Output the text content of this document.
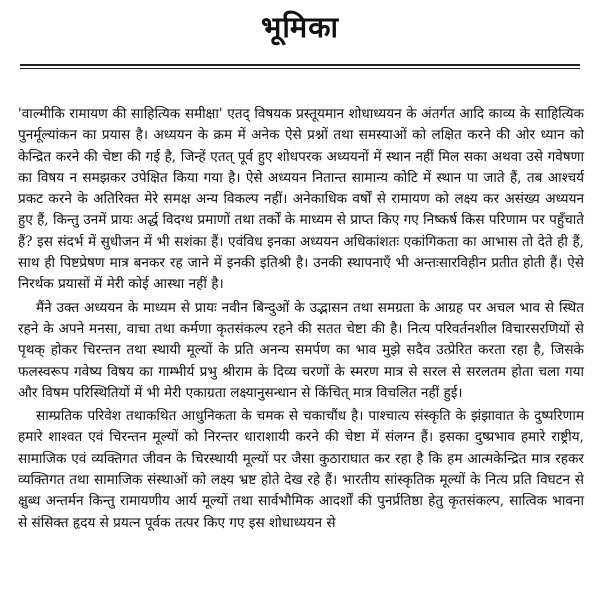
भूमिका

'वाल्मीकि रामायण की साहित्यिक समीक्षा' एतद्‌ विषयक प्रस्तूयमान शोधाध्ययन के अंतर्गत आदि काव्य के साहित्यिक पुनर्मूल्यांकन का प्रयास है। अध्ययन के क्रम में अनेक ऐसे प्रश्नों तथा समस्याओं को लक्षित करने की ओर ध्यान को केन्द्रित करने की चेष्टा की गई है, जिन्हें एतत्‌ पूर्व हुए शोधपरक अध्ययनों में स्थान नहीं मिल सका अथवा उसे गवेषणा का विषय न समझकर उपेक्षित किया गया है। ऐसे अध्ययन नितान्त सामान्य कोटि में स्थान पा जाते हैं, तब आश्चर्य प्रकट करने के अतिरिक्त मेरे समक्ष अन्य विकल्प नहीं। अनेकाधिक वर्षों से रामायण को लक्ष्य कर असंख्य अध्ययन हुए हैं, किन्तु उनमें प्रायः अर्द्ध विदग्ध प्रमाणों तथा तर्कों के माध्यम से प्राप्त किए गए निष्कर्ष किस परिणाम पर पहुँचाते हैं? इस संदर्भ में सुधीजन में भी सशंका हैं। एवंविध इनका अध्ययन अधिकांशतः एकांगिकता का आभास तो देते ही हैं, साथ ही पिष्टप्रेषण मात्र बनकर रह जाने में इनकी इतिश्री है। उनकी स्थापनाएँ भी अन्तःसारविहीन प्रतीत होती हैं। ऐसे निरर्थक प्रयासों में मेरी कोई आस्था नहीं है।

मैंने उक्त अध्ययन के माध्यम से प्रायः नवीन बिन्दुओं के उद्भासन तथा समग्रता के आग्रह पर अचल भाव से स्थित रहने के अपने मनसा, वाचा तथा कर्मणा कृतसंकल्प रहने की सतत चेष्टा की है। नित्य परिवर्तनशील विचारसरणियों से पृथक्‌ होकर चिरन्तन तथा स्थायी मूल्यों के प्रति अनन्य समर्पण का भाव मुझे सदैव उत्प्रेरित करता रहा है, जिसके फलस्वरूप गवेष्य विषय का गाम्भीर्य प्रभु श्रीराम के दिव्य चरणों के स्मरण मात्र से सरल से सरलतम होता चला गया और विषम परिस्थितियों में भी मेरी एकाग्रता लक्ष्यानुसन्धान से किंचित्‌ मात्र विचलित नहीं हुई।

साम्प्रतिक परिवेश तथाकथित आधुनिकता के चमक से चकाचौंध है। पाश्चात्य संस्कृति के झंझावात के दुष्परिणाम हमारे शाश्वत एवं चिरन्तन मूल्यों को निरन्तर धाराशायी करने की चेष्टा में संलग्न हैं। इसका दुष्प्रभाव हमारे राष्ट्रीय, सामाजिक एवं व्यक्तिगत जीवन के चिरस्थायी मूल्यों पर जैसा कुठाराघात कर रहा है कि हम आत्मकेन्द्रित मात्र रहकर व्यक्तिगत तथा सामाजिक संस्थाओं को लक्ष्य भ्रष्ट होते देख रहे हैं। भारतीय सांस्कृतिक मूल्यों के नित्य प्रति विघटन से क्षुब्ध अन्तर्मन किन्तु रामायणीय आर्य मूल्यों तथा सार्वभौमिक आदर्शों की पुनर्प्रतिष्ठा हेतु कृतसंकल्प, सात्विक भावना से संसिक्त हृदय से प्रयत्न पूर्वक तत्पर किए गए इस शोधाध्ययन से
